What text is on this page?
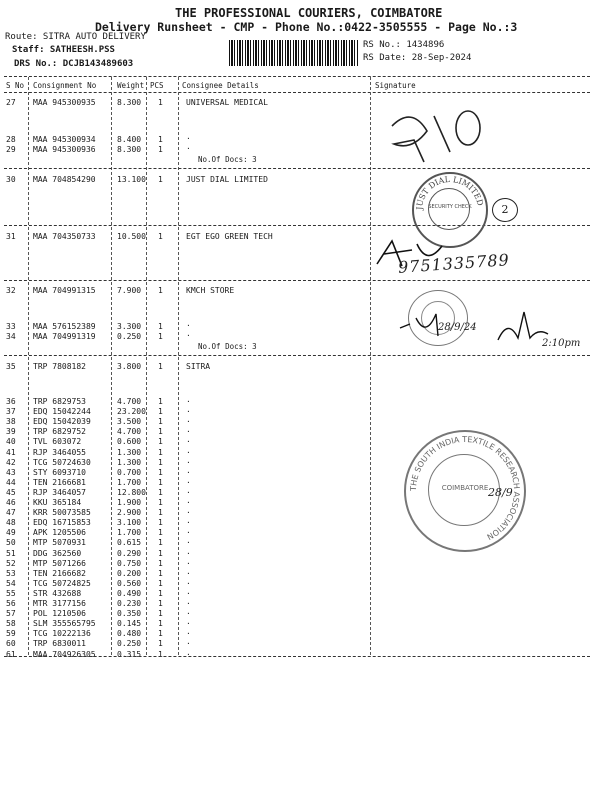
THE PROFESSIONAL COURIERS, COIMBATORE
Delivery Runsheet - CMP - Phone No.:0422-3505555 - Page No.:3
Route: SITRA AUTO DELIVERY
Staff: SATHEESH.PSS
DRS No.: DCJB143489603
RS No.: 1434896
RS Date: 28-Sep-2024
S No Consignment No	Weight PCS Consignee Details	Signature
27 MAA 945300935	8.300 1	UNIVERSAL MEDICAL
28 MAA 945300934	8.400 1	.
29 MAA 945300936	8.300 1	.
No.Of Docs: 3
30 MAA 704854290	13.100 1	JUST DIAL LIMITED
31 MAA 704350733	10.500 1	EGT EGO GREEN TECH
32 MAA 704991315	7.900 1	KMCH STORE
33 MAA 576152389	3.300 1	.
34 MAA 704991319	0.250 1	.
No.Of Docs: 3
35 TRP 7808182	3.800 1	SITRA
36 TRP 6829753	4.700 1	.
37 EDQ 15042244	23.200 1	.
38 EDQ 15042039	3.500 1	.
39 TRP 6829752	4.700 1	.
40 TVL 603072	0.600 1	.
41 RJP 3464055	1.300 1	.
42 TCG 50724630	1.300 1	.
43 STY 6093710	0.700 1	.
44 TEN 2166681	1.700 1	.
45 RJP 3464057	12.800 1	.
46 KKU 365184	1.900 1	.
47 KRR 50073585	2.900 1	.
48 EDQ 16715853	3.100 1	.
49 APK 1205506	1.700 1	.
50 MTP 5070931	0.615 1	.
51 DDG 362560	0.290 1	.
52 MTP 5071266	0.750 1	.
53 TEN 2166682	0.200 1	.
54 TCG 50724825	0.560 1	.
55 STR 432688	0.490 1	.
56 MTR 3177156	0.230 1	.
57 POL 1210506	0.350 1	.
58 SLM 355565795	0.145 1	.
59 TCG 10222136	0.480 1	.
60 TRP 6830011	0.250 1	.
61 MAA 704926305	0.315 1	.
JUST DIAL LIMITED
SECURITY CHECK	2
9751335789
28/9/24
2:10pm
THE SOUTH INDIA TEXTILE RESEARCH ASSOCIATION
COIMBATORE 28/9
